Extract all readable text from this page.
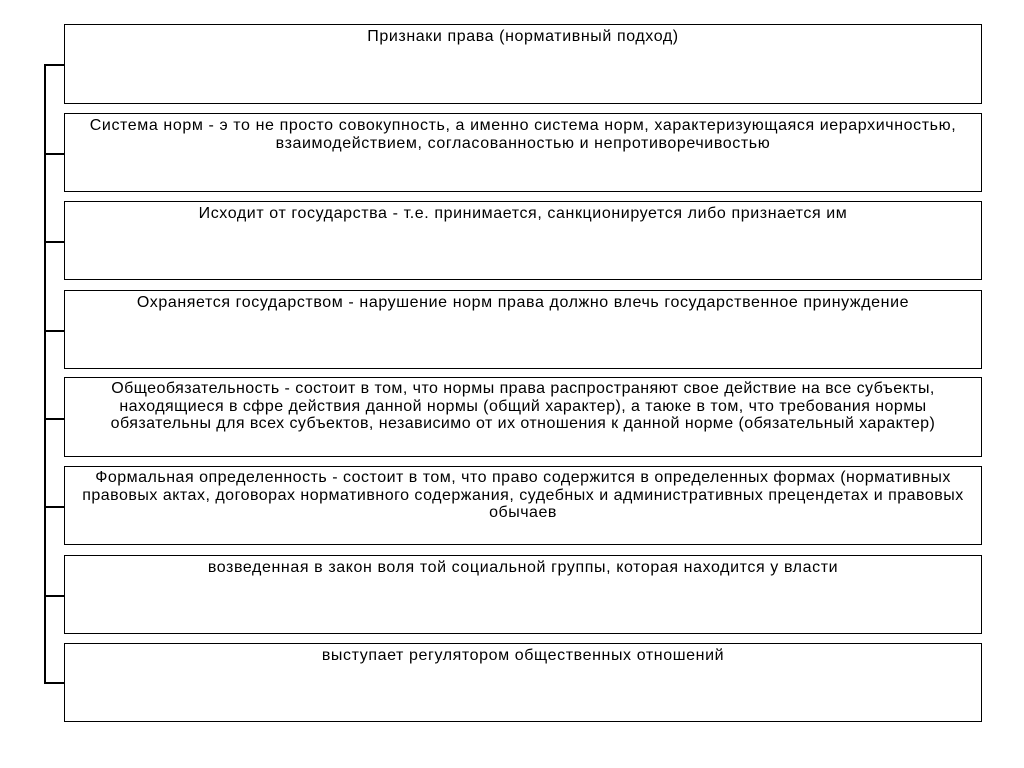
Признаки права (нормативный подход)
Система норм - э то не просто совокупность, а именно система норм, характеризующаяся иерархичностью, взаимодействием, согласованностью и непротиворечивостью
Исходит от государства - т.е. принимается, санкционируется либо признается им
Охраняется государством - нарушение норм права должно влечь государственное принуждение
Общеобязательность - состоит в том, что нормы права распространяют свое действие на все субъекты, находящиеся в сфре действия данной нормы (общий характер), а таюке в том, что требования нормы обязательны для всех субъектов, независимо от их отношения к данной норме (обязательный характер)
Формальная определенность - состоит в том, что право содержится в определенных формах (нормативных правовых актах, договорах нормативного содержания, судебных и административных прецендетах и правовых обычаев
возведенная в закон воля той социальной группы, которая находится у власти
выступает регулятором общественных отношений
